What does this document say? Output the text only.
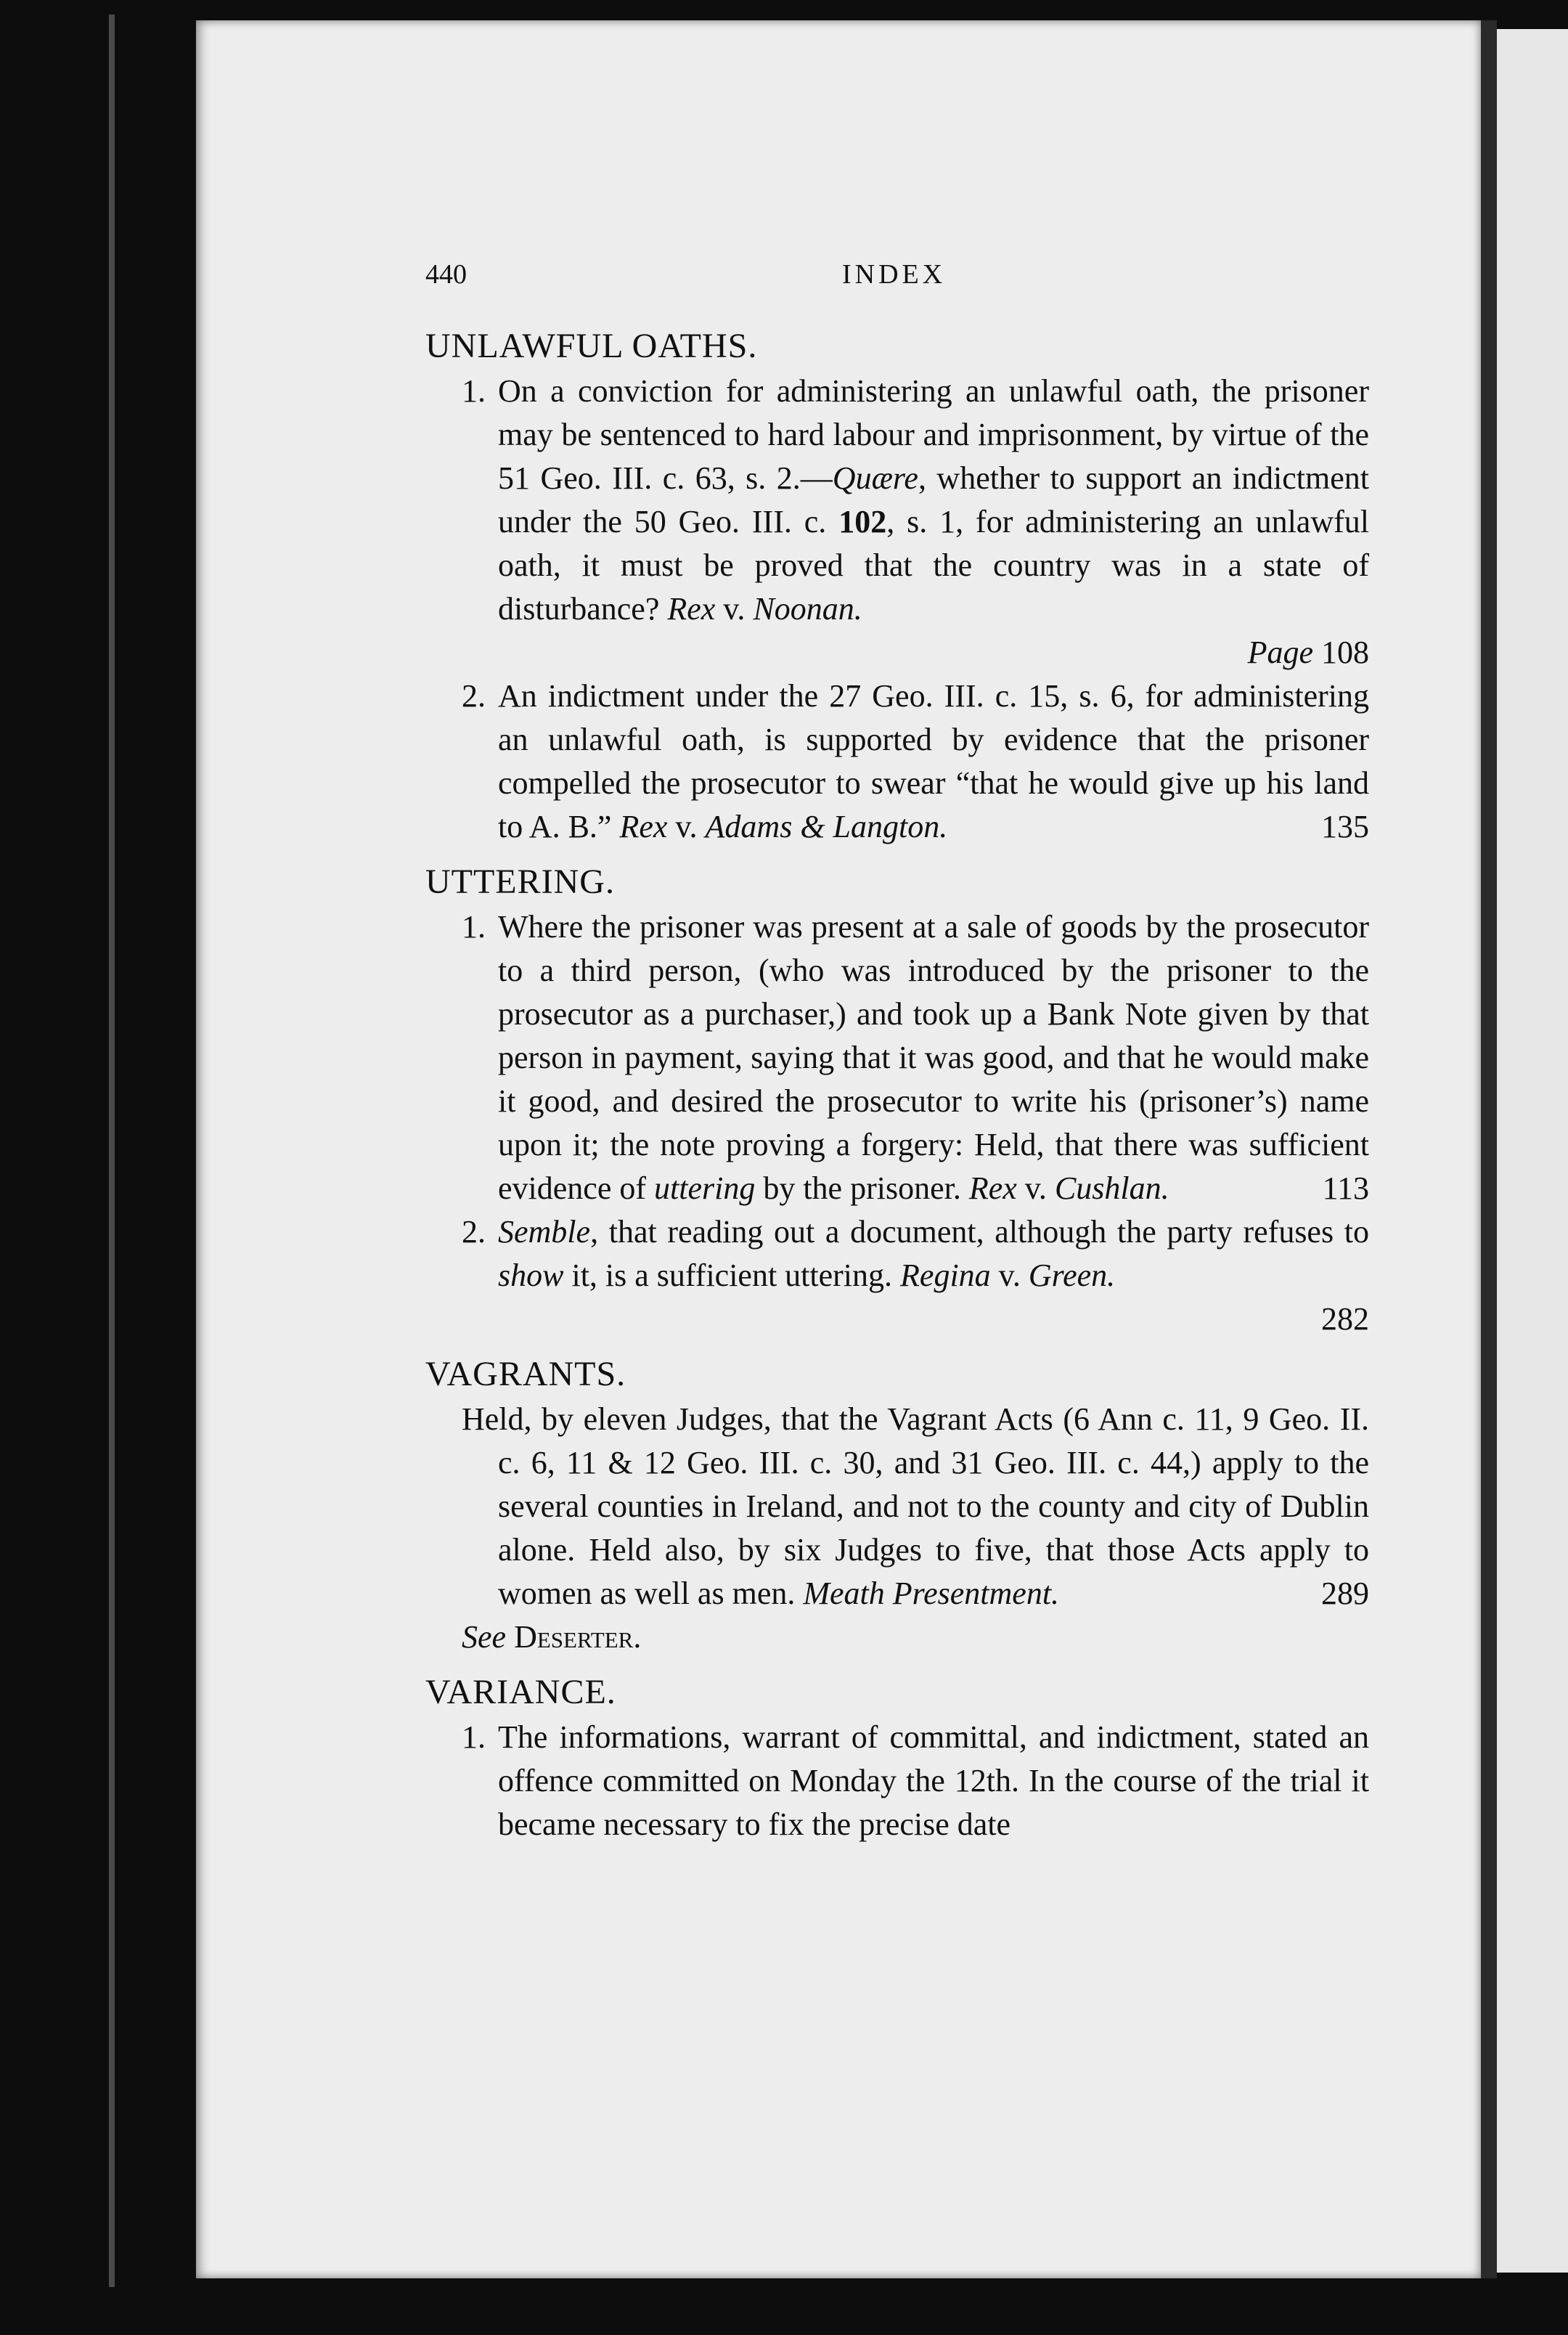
440	INDEX
UNLAWFUL OATHS.
1. On a conviction for administering an unlawful oath, the prisoner may be sentenced to hard labour and imprisonment, by virtue of the 51 Geo. III. c. 63, s. 2.—Quære, whether to support an indictment under the 50 Geo. III. c. 102, s. 1, for administering an unlawful oath, it must be proved that the country was in a state of disturbance? Rex v. Noonan.
Page 108
2. An indictment under the 27 Geo. III. c. 15, s. 6, for administering an unlawful oath, is supported by evidence that the prisoner compelled the prosecutor to swear “that he would give up his land to A. B.” Rex v. Adams & Langton.	135
UTTERING.
1. Where the prisoner was present at a sale of goods by the prosecutor to a third person, (who was introduced by the prisoner to the prosecutor as a purchaser,) and took up a Bank Note given by that person in payment, saying that it was good, and that he would make it good, and desired the prosecutor to write his (prisoner’s) name upon it; the note proving a forgery: Held, that there was sufficient evidence of uttering by the prisoner. Rex v. Cushlan.	113
2. Semble, that reading out a document, although the party refuses to show it, is a sufficient uttering. Regina v. Green.
282
VAGRANTS.
Held, by eleven Judges, that the Vagrant Acts (6 Ann c. 11, 9 Geo. II. c. 6, 11 & 12 Geo. III. c. 30, and 31 Geo. III. c. 44,) apply to the several counties in Ireland, and not to the county and city of Dublin alone. Held also, by six Judges to five, that those Acts apply to women as well as men. Meath Presentment.	289
See Deserter.
VARIANCE.
1. The informations, warrant of committal, and indictment, stated an offence committed on Monday the 12th. In the course of the trial it became necessary to fix the precise date
